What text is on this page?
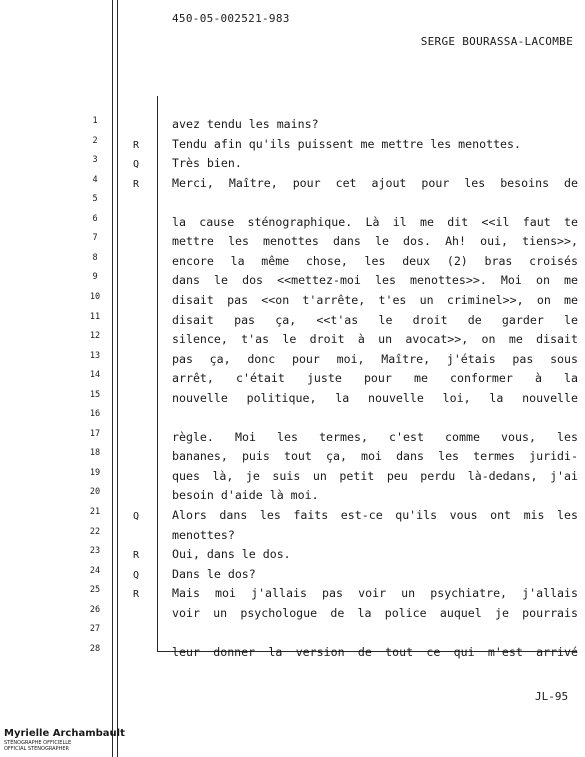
450-05-002521-983
SERGE BOURASSA-LACOMBE
1	avez tendu les mains?
2	R	Tendu afin qu'ils puissent me mettre les menottes.
3	Q	Très bien.
4	R	Merci, Maître, pour cet ajout pour les besoins de
5
6	la cause sténographique. Là il me dit <<il faut te
7	mettre les menottes dans le dos. Ah! oui, tiens>>,
8	encore la même chose, les deux (2) bras croisés
9	dans le dos <<mettez-moi les menottes>>. Moi on me
10	disait pas <<on t'arrête, t'es un criminel>>, on me
11	disait pas ça, <<t'as le droit de garder le
12	silence, t'as le droit à un avocat>>, on me disait
13	pas ça, donc pour moi, Maître, j'étais pas sous
14	arrêt, c'était juste pour me conformer à la
15	nouvelle politique, la nouvelle loi, la nouvelle
16
17	règle. Moi les termes, c'est comme vous, les
18	bananes, puis tout ça, moi dans les termes juridi-
19	ques là, je suis un petit peu perdu là-dedans, j'ai
20	besoin d'aide là moi.
21	Q	Alors dans les faits est-ce qu'ils vous ont mis les
22	menottes?
23	R	Oui, dans le dos.
24	Q	Dans le dos?
25	R	Mais moi j'allais pas voir un psychiatre, j'allais
26	voir un psychologue de la police auquel je pourrais
27
28	leur donner la version de tout ce qui m'est arrivé
JL-95
Myrielle Archambault
STÉNOGRAPHE OFFICIELLE
OFFICIAL STENOGRAPHER
